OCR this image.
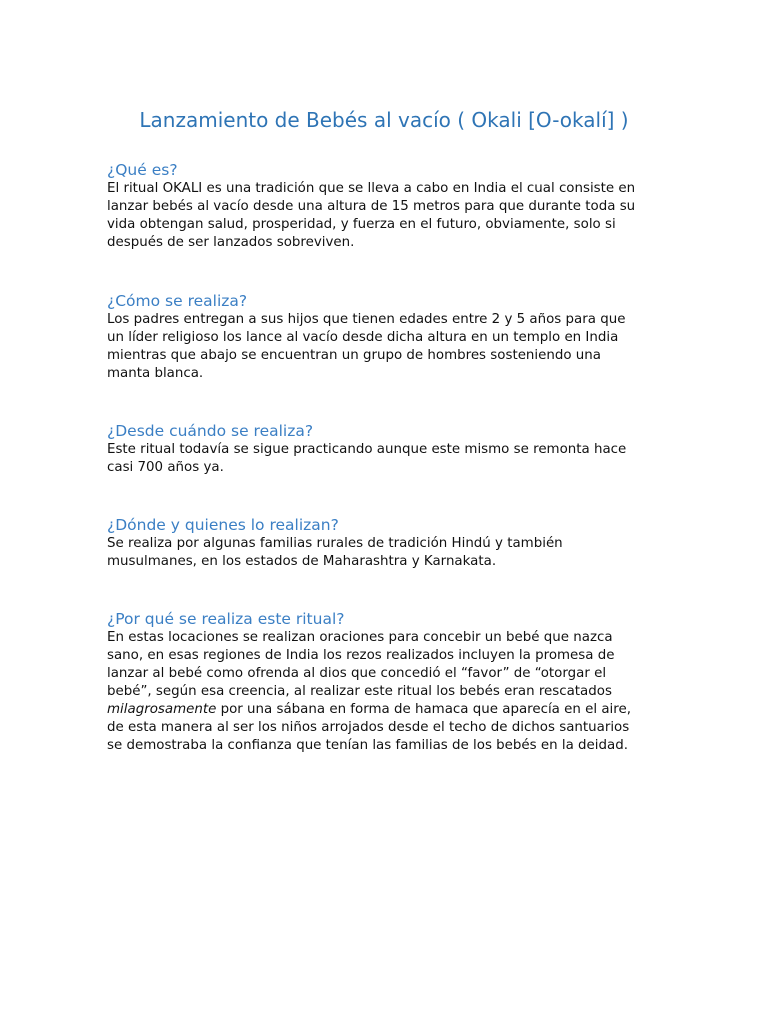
Lanzamiento de Bebés al vacío ( Okali [O-okalí] )
¿Qué es?

El ritual OKALI es una tradición que se lleva a cabo en India el cual consiste en
lanzar bebés al vacío desde una altura de 15 metros para que durante toda su
vida obtengan salud, prosperidad, y fuerza en el futuro, obviamente, solo si
después de ser lanzados sobreviven.

¿Cómo se realiza?

Los padres entregan a sus hijos que tienen edades entre 2 y 5 años para que
un líder religioso los lance al vacío desde dicha altura en un templo en India
mientras que abajo se encuentran un grupo de hombres sosteniendo una
manta blanca.

¿Desde cuándo se realiza?

Este ritual todavía se sigue practicando aunque este mismo se remonta hace
casi 700 años ya.

¿Dónde y quienes lo realizan?

Se realiza por algunas familias rurales de tradición Hindú y también
musulmanes, en los estados de Maharashtra y Karnakata.

¿Por qué se realiza este ritual?

En estas locaciones se realizan oraciones para concebir un bebé que nazca
sano, en esas regiones de India los rezos realizados incluyen la promesa de
lanzar al bebé como ofrenda al dios que concedió el “favor” de “otorgar el
bebé”, según esa creencia, al realizar este ritual los bebés eran rescatados
milagrosamente por una sábana en forma de hamaca que aparecía en el aire,
de esta manera al ser los niños arrojados desde el techo de dichos santuarios
se demostraba la confianza que tenían las familias de los bebés en la deidad.
